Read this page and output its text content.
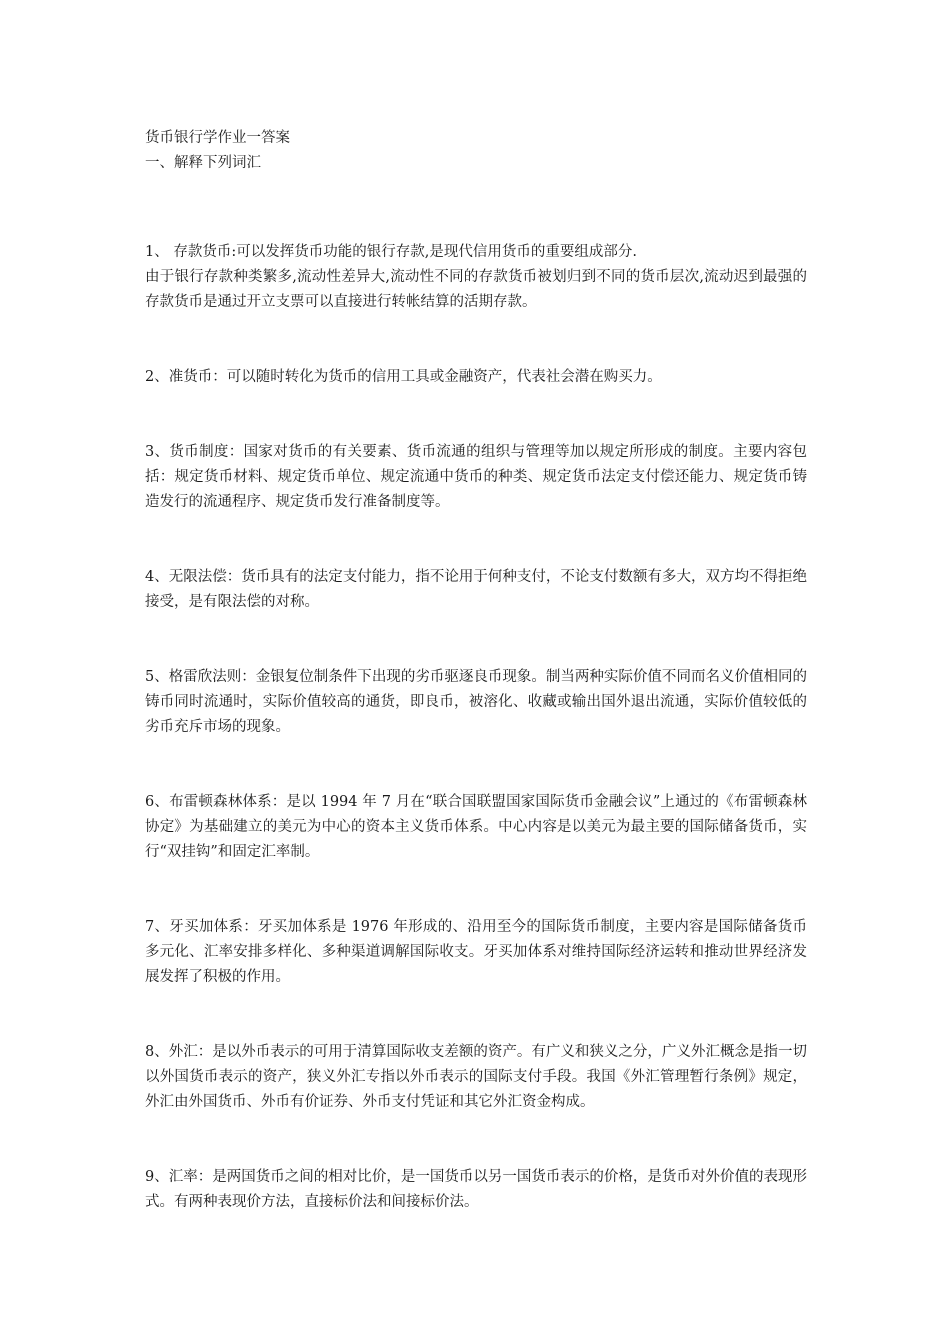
货币银行学作业一答案
一、解释下列词汇

1、 存款货币:可以发挥货币功能的银行存款,是现代信用货币的重要组成部分.

由于银行存款种类繁多,流动性差异大,流动性不同的存款货币被划归到不同的货币层次,流动迟到最强的存款货币是通过开立支票可以直接进行转帐结算的活期存款。

2、准货币：可以随时转化为货币的信用工具或金融资产，代表社会潜在购买力。

3、货币制度：国家对货币的有关要素、货币流通的组织与管理等加以规定所形成的制度。主要内容包括：规定货币材料、规定货币单位、规定流通中货币的种类、规定货币法定支付偿还能力、规定货币铸造发行的流通程序、规定货币发行准备制度等。

4、无限法偿：货币具有的法定支付能力，指不论用于何种支付，不论支付数额有多大，双方均不得拒绝接受，是有限法偿的对称。

5、格雷欣法则：金银复位制条件下出现的劣币驱逐良币现象。制当两种实际价值不同而名义价值相同的铸币同时流通时，实际价值较高的通货，即良币，被溶化、收藏或输出国外退出流通，实际价值较低的劣币充斥市场的现象。

6、布雷顿森林体系：是以 1994 年 7 月在“联合国联盟国家国际货币金融会议”上通过的《布雷顿森林协定》为基础建立的美元为中心的资本主义货币体系。中心内容是以美元为最主要的国际储备货币，实行“双挂钩”和固定汇率制。

7、牙买加体系：牙买加体系是 1976 年形成的、沿用至今的国际货币制度，主要内容是国际储备货币多元化、汇率安排多样化、多种渠道调解国际收支。牙买加体系对维持国际经济运转和推动世界经济发展发挥了积极的作用。

8、外汇：是以外币表示的可用于清算国际收支差额的资产。有广义和狭义之分，广义外汇概念是指一切以外国货币表示的资产，狭义外汇专指以外币表示的国际支付手段。我国《外汇管理暂行条例》规定，外汇由外国货币、外币有价证券、外币支付凭证和其它外汇资金构成。

9、汇率：是两国货币之间的相对比价，是一国货币以另一国货币表示的价格，是货币对外价值的表现形式。有两种表现价方法，直接标价法和间接标价法。
